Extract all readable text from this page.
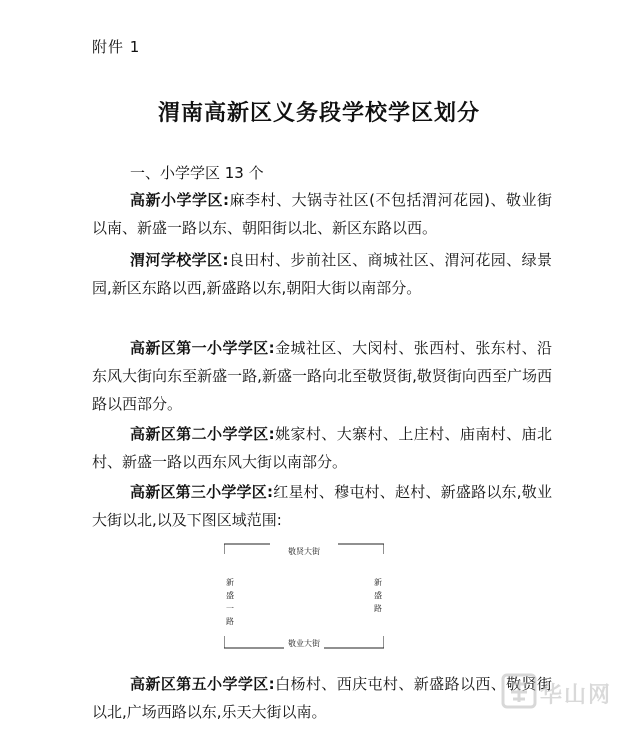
附件 1
渭南高新区义务段学校学区划分
一、小学学区 13 个
高新小学学区:麻李村、大锅寺社区(不包括渭河花园)、敬业街以南、新盛一路以东、朝阳街以北、新区东路以西。
渭河学校学区:良田村、步前社区、商城社区、渭河花园、绿景园,新区东路以西,新盛路以东,朝阳大街以南部分。
高新区第一小学学区:金城社区、大闵村、张西村、张东村、沿东风大街向东至新盛一路,新盛一路向北至敬贤街,敬贤街向西至广场西路以西部分。
高新区第二小学学区:姚家村、大寨村、上庄村、庙南村、庙北村、新盛一路以西东风大街以南部分。
高新区第三小学学区:红星村、穆屯村、赵村、新盛路以东,敬业大街以北,以及下图区域范围:
敬贤大街
新盛一路
新盛路
敬业大街
高新区第五小学学区:白杨村、西庆屯村、新盛路以西、敬贤街以北,广场西路以东,乐天大街以南。
华山网
